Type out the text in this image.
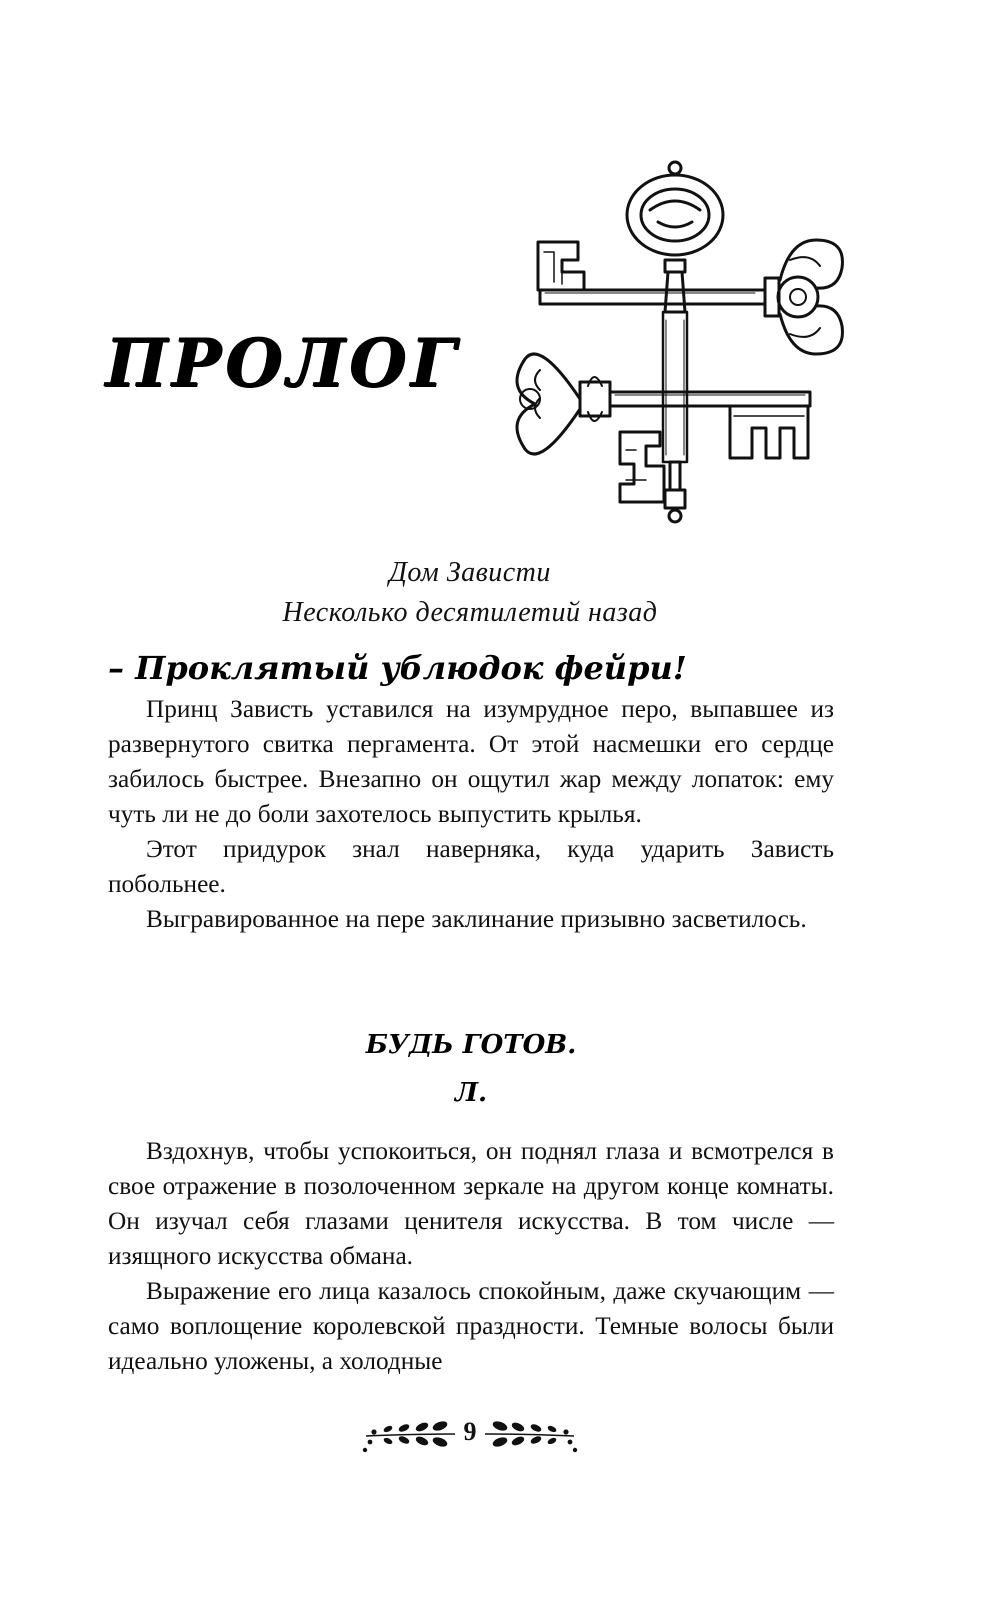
ПРОЛОГ
Дом Зависти
Несколько десятилетий назад
– Проклятый ублюдок фейри!

Принц Зависть уставился на изумрудное перо, выпавшее из развернутого свитка пергамента. От этой насмешки его сердце забилось быстрее. Внезапно он ощутил жар между лопаток: ему чуть ли не до боли захотелось выпустить крылья.

Этот придурок знал наверняка, куда ударить Зависть побольнее.

Выгравированное на пере заклинание призывно засветилось.

БУДЬ ГОТОВ.
Л.

Вздохнув, чтобы успокоиться, он поднял глаза и всмотрелся в свое отражение в позолоченном зеркале на другом конце комнаты. Он изучал себя глазами ценителя искусства. В том числе — изящного искусства обмана.

Выражение его лица казалось спокойным, даже скучающим — само воплощение королевской праздности. Темные волосы были идеально уложены, а холодные

9
